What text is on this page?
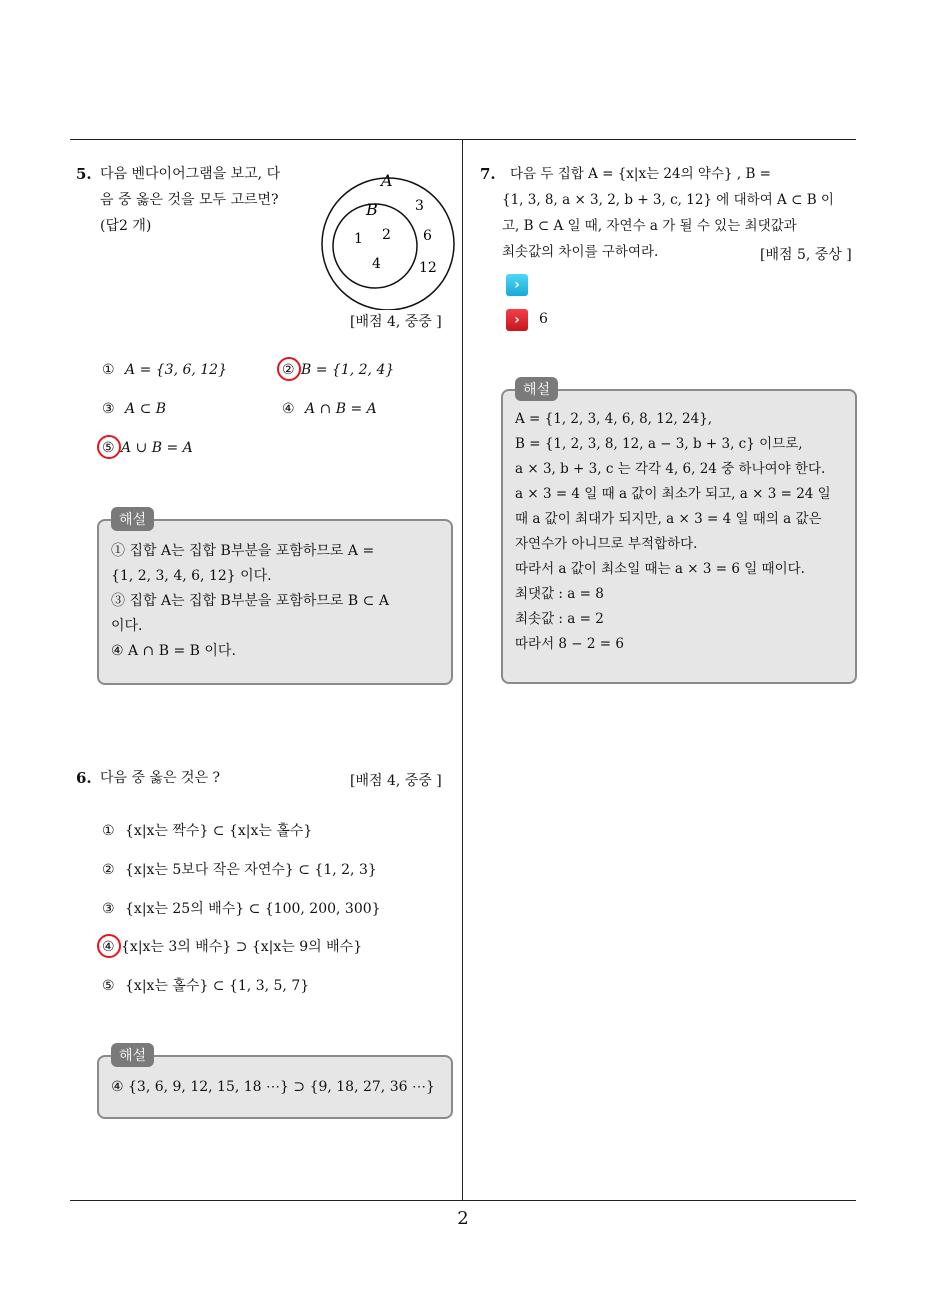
2
5. 다음 벤다이어그램을 보고, 다
음 중 옳은 것을 모두 고르면?
(답2 개)
A
B
1 2
4
3
6
12
[배점 4, 중중 ]
① A = {3, 6, 12}	② B = {1, 2, 4}
③ A ⊂ B	④ A ∩ B = A
⑤ A ∪ B = A
① 집합 A는 집합 B부분을 포함하므로 A =
{1, 2, 3, 4, 6, 12} 이다.
③ 집합 A는 집합 B부분을 포함하므로 B ⊂ A
이다.
④ A ∩ B = B 이다.
해설
6. 다음 중 옳은 것은 ?	[배점 4, 중중 ]
① {x|x는 짝수} ⊂ {x|x는 홀수}
② {x|x는 5보다 작은 자연수} ⊂ {1, 2, 3}
③ {x|x는 25의 배수} ⊂ {100, 200, 300}
④ {x|x는 3의 배수} ⊃ {x|x는 9의 배수}
⑤ {x|x는 홀수} ⊂ {1, 3, 5, 7}
④ {3, 6, 9, 12, 15, 18 ⋯} ⊃ {9, 18, 27, 36 ⋯}
해설
7. 다음 두 집합 A = {x|x는 24의 약수} , B =
{1, 3, 8, a × 3, 2, b + 3, c, 12} 에 대하여 A ⊂ B 이
고, B ⊂ A 일 때, 자연수 a 가 될 수 있는 최댓값과
최솟값의 차이를 구하여라.	[배점 5, 중상 ]
›
›	6
A = {1, 2, 3, 4, 6, 8, 12, 24},
B = {1, 2, 3, 8, 12, a − 3, b + 3, c} 이므로,
a × 3, b + 3, c 는 각각 4, 6, 24 중 하나여야 한다.
a × 3 = 4 일 때 a 값이 최소가 되고, a × 3 = 24 일
때 a 값이 최대가 되지만, a × 3 = 4 일 때의 a 값은
자연수가 아니므로 부적합하다.
따라서 a 값이 최소일 때는 a × 3 = 6 일 때이다.
최댓값 : a = 8
최솟값 : a = 2
따라서 8 − 2 = 6
해설
